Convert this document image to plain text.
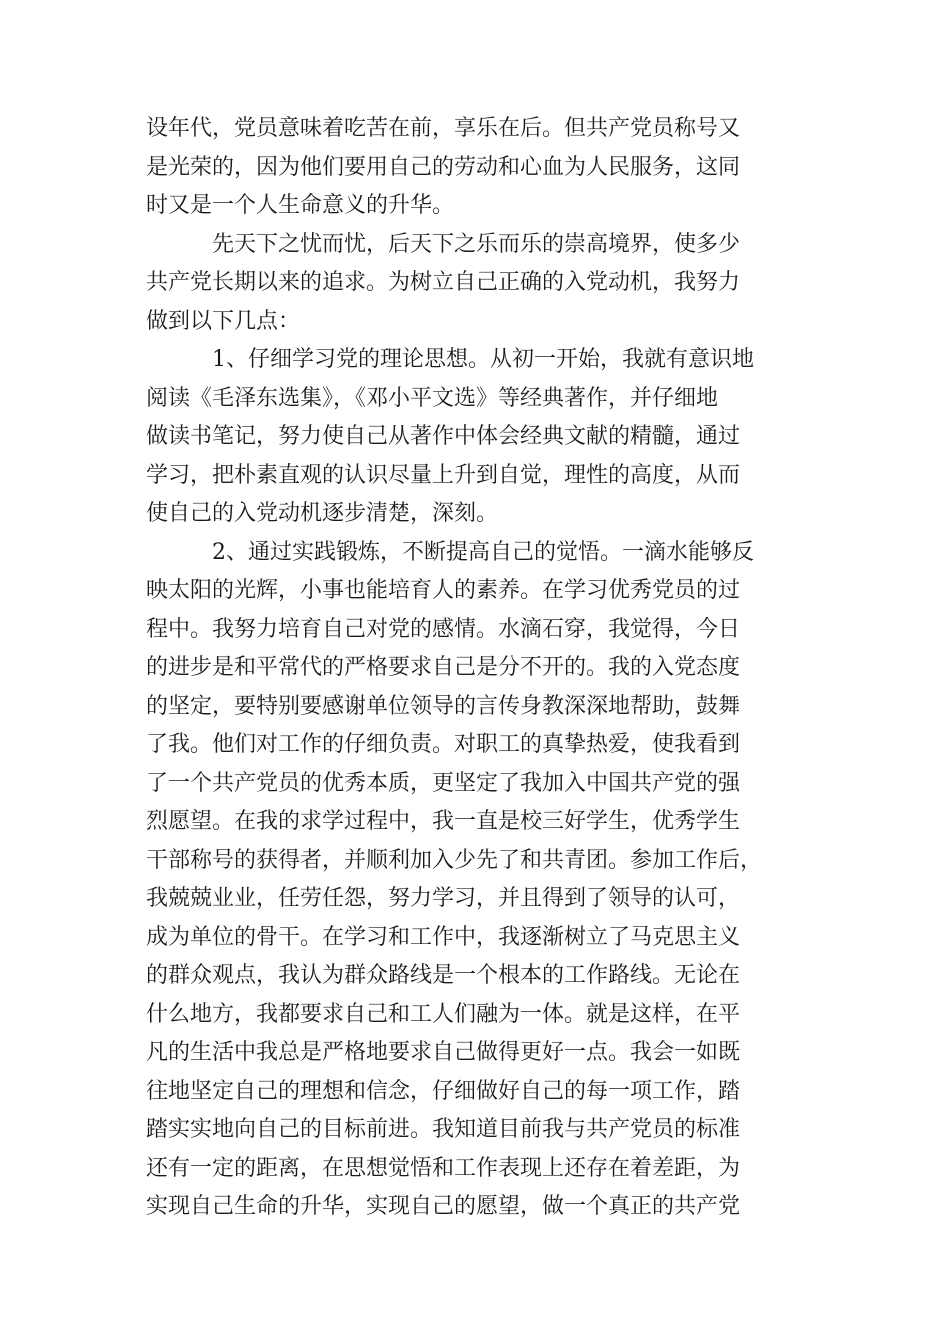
设年代，党员意味着吃苦在前，享乐在后。但共产党员称号又
是光荣的，因为他们要用自己的劳动和心血为人民服务，这同
时又是一个人生命意义的升华。
先天下之忧而忧，后天下之乐而乐的崇高境界，使多少
共产党长期以来的追求。为树立自己正确的入党动机，我努力
做到以下几点：
1、仔细学习党的理论思想。从初一开始，我就有意识地
阅读《毛泽东选集》，《邓小平文选》等经典著作，并仔细地
做读书笔记，努力使自己从著作中体会经典文献的精髓，通过
学习，把朴素直观的认识尽量上升到自觉，理性的高度，从而
使自己的入党动机逐步清楚，深刻。
2、通过实践锻炼，不断提高自己的觉悟。一滴水能够反
映太阳的光辉，小事也能培育人的素养。在学习优秀党员的过
程中。我努力培育自己对党的感情。水滴石穿，我觉得，今日
的进步是和平常代的严格要求自己是分不开的。我的入党态度
的坚定，要特别要感谢单位领导的言传身教深深地帮助，鼓舞
了我。他们对工作的仔细负责。对职工的真挚热爱，使我看到
了一个共产党员的优秀本质，更坚定了我加入中国共产党的强
烈愿望。在我的求学过程中，我一直是校三好学生，优秀学生
干部称号的获得者，并顺利加入少先了和共青团。参加工作后，
我兢兢业业，任劳任怨，努力学习，并且得到了领导的认可，
成为单位的骨干。在学习和工作中，我逐渐树立了马克思主义
的群众观点，我认为群众路线是一个根本的工作路线。无论在
什么地方，我都要求自己和工人们融为一体。就是这样，在平
凡的生活中我总是严格地要求自己做得更好一点。我会一如既
往地坚定自己的理想和信念，仔细做好自己的每一项工作，踏
踏实实地向自己的目标前进。我知道目前我与共产党员的标准
还有一定的距离，在思想觉悟和工作表现上还存在着差距，为
实现自己生命的升华，实现自己的愿望，做一个真正的共产党
